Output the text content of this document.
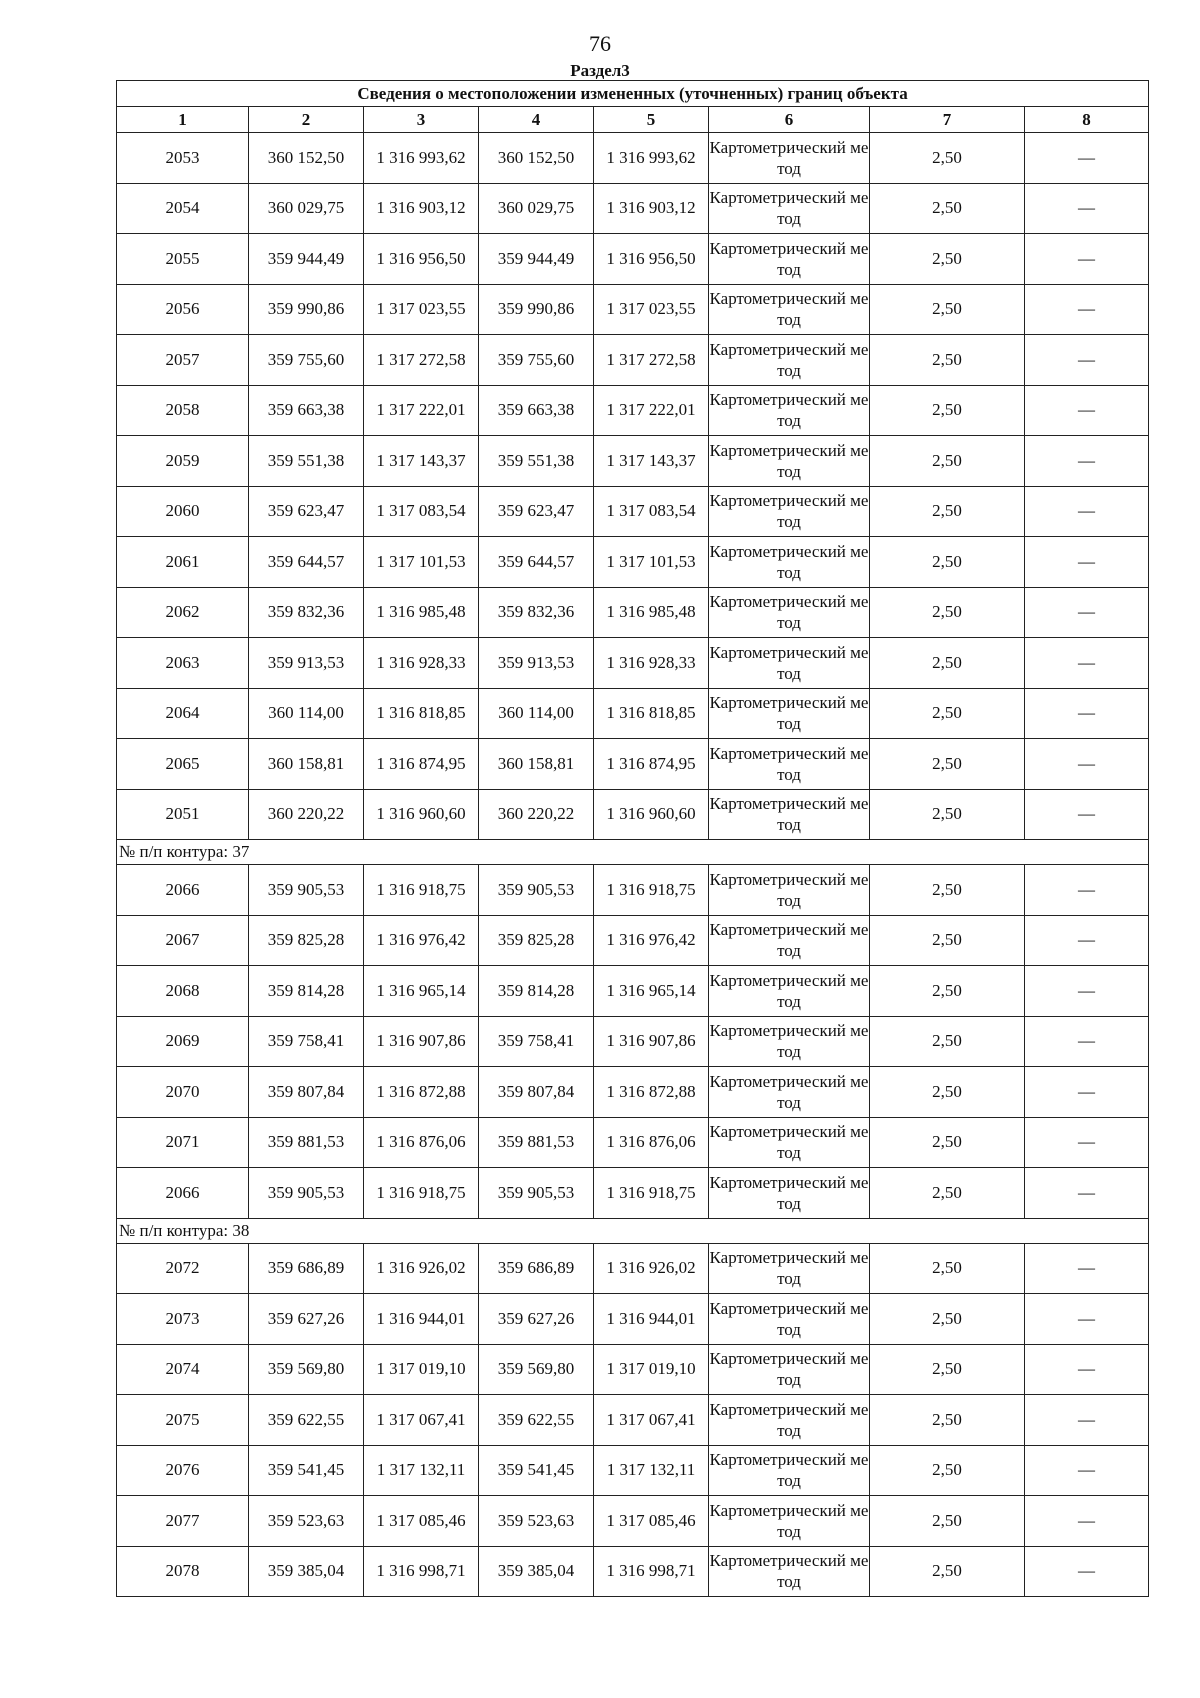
76
Раздел3
Сведения о местоположении измененных (уточненных) границ объекта							
1	2	3	4	5	6	7	8
2053	360 152,50	1 316 993,62	360 152,50	1 316 993,62	Картометрический метод	2,50	—
2054	360 029,75	1 316 903,12	360 029,75	1 316 903,12	Картометрический метод	2,50	—
2055	359 944,49	1 316 956,50	359 944,49	1 316 956,50	Картометрический метод	2,50	—
2056	359 990,86	1 317 023,55	359 990,86	1 317 023,55	Картометрический метод	2,50	—
2057	359 755,60	1 317 272,58	359 755,60	1 317 272,58	Картометрический метод	2,50	—
2058	359 663,38	1 317 222,01	359 663,38	1 317 222,01	Картометрический метод	2,50	—
2059	359 551,38	1 317 143,37	359 551,38	1 317 143,37	Картометрический метод	2,50	—
2060	359 623,47	1 317 083,54	359 623,47	1 317 083,54	Картометрический метод	2,50	—
2061	359 644,57	1 317 101,53	359 644,57	1 317 101,53	Картометрический метод	2,50	—
2062	359 832,36	1 316 985,48	359 832,36	1 316 985,48	Картометрический метод	2,50	—
2063	359 913,53	1 316 928,33	359 913,53	1 316 928,33	Картометрический метод	2,50	—
2064	360 114,00	1 316 818,85	360 114,00	1 316 818,85	Картометрический метод	2,50	—
2065	360 158,81	1 316 874,95	360 158,81	1 316 874,95	Картометрический метод	2,50	—
2051	360 220,22	1 316 960,60	360 220,22	1 316 960,60	Картометрический метод	2,50	—
№ п/п контура: 37							
2066	359 905,53	1 316 918,75	359 905,53	1 316 918,75	Картометрический метод	2,50	—
2067	359 825,28	1 316 976,42	359 825,28	1 316 976,42	Картометрический метод	2,50	—
2068	359 814,28	1 316 965,14	359 814,28	1 316 965,14	Картометрический метод	2,50	—
2069	359 758,41	1 316 907,86	359 758,41	1 316 907,86	Картометрический метод	2,50	—
2070	359 807,84	1 316 872,88	359 807,84	1 316 872,88	Картометрический метод	2,50	—
2071	359 881,53	1 316 876,06	359 881,53	1 316 876,06	Картометрический метод	2,50	—
2066	359 905,53	1 316 918,75	359 905,53	1 316 918,75	Картометрический метод	2,50	—
№ п/п контура: 38							
2072	359 686,89	1 316 926,02	359 686,89	1 316 926,02	Картометрический метод	2,50	—
2073	359 627,26	1 316 944,01	359 627,26	1 316 944,01	Картометрический метод	2,50	—
2074	359 569,80	1 317 019,10	359 569,80	1 317 019,10	Картометрический метод	2,50	—
2075	359 622,55	1 317 067,41	359 622,55	1 317 067,41	Картометрический метод	2,50	—
2076	359 541,45	1 317 132,11	359 541,45	1 317 132,11	Картометрический метод	2,50	—
2077	359 523,63	1 317 085,46	359 523,63	1 317 085,46	Картометрический метод	2,50	—
2078	359 385,04	1 316 998,71	359 385,04	1 316 998,71	Картометрический метод	2,50	—
